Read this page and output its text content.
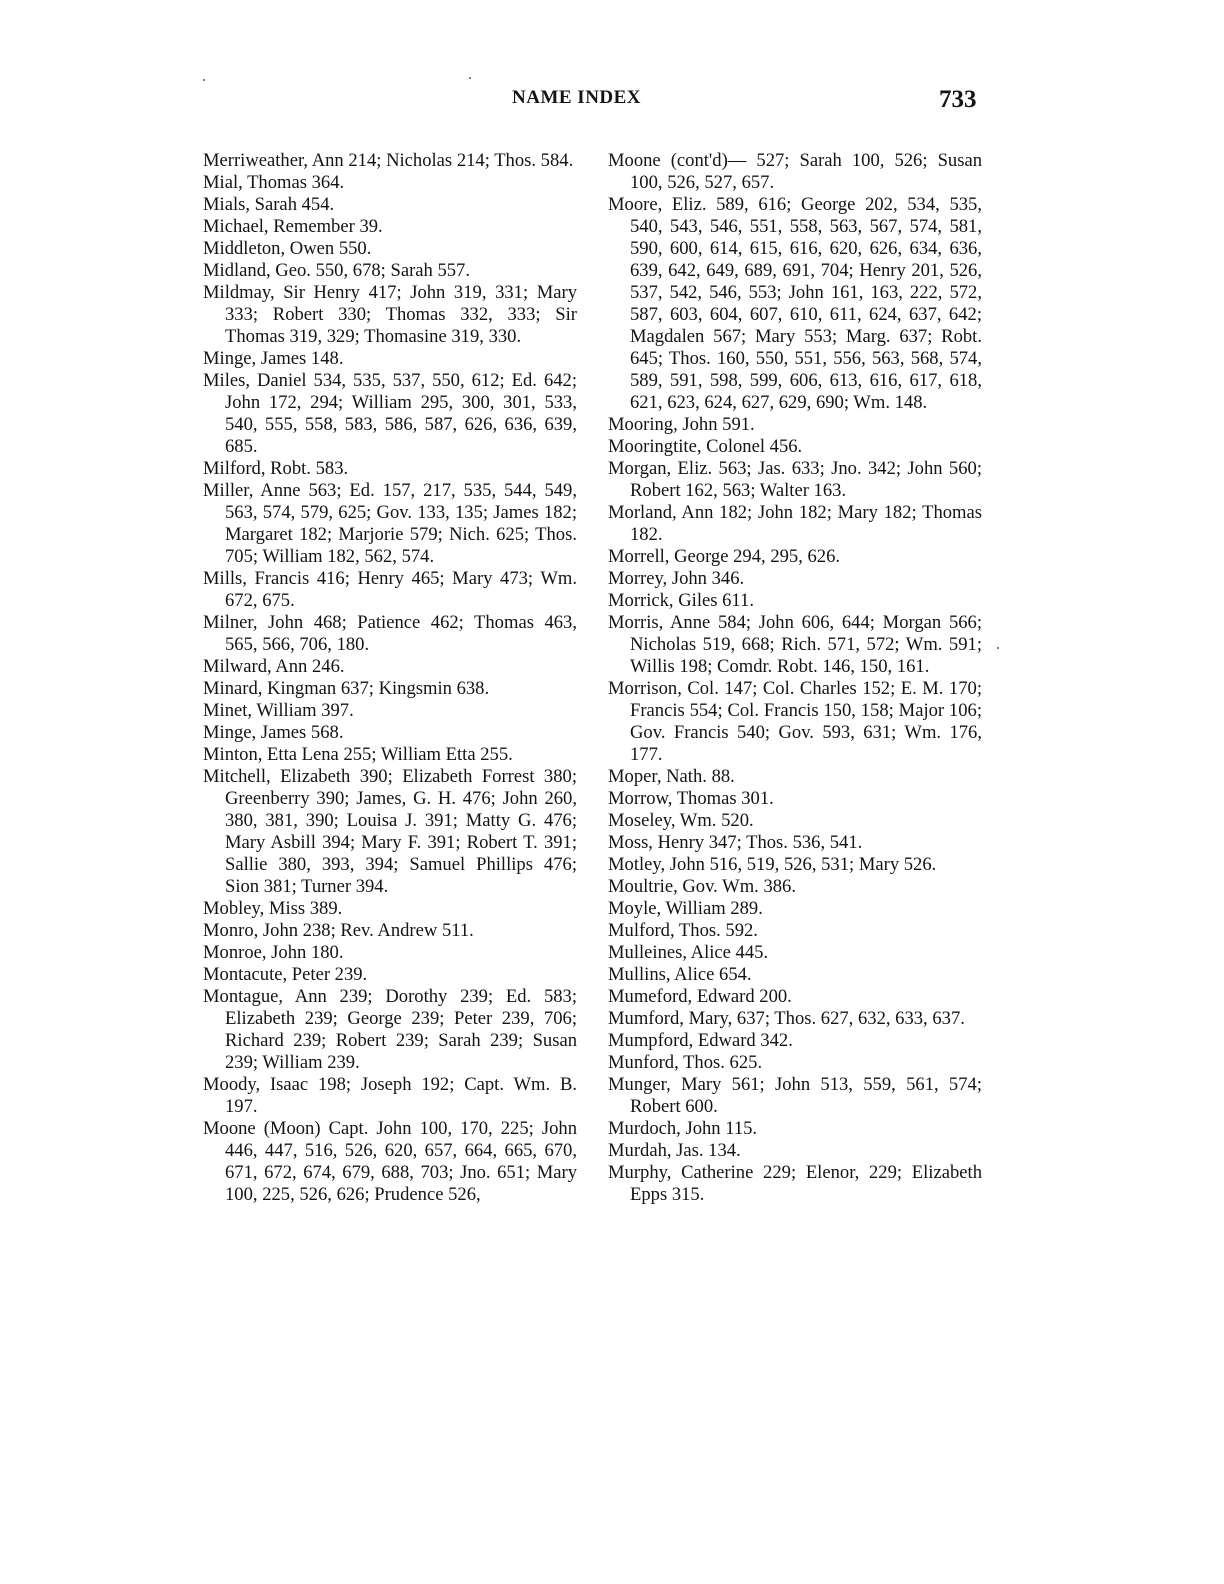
NAME INDEX	733

Merriweather, Ann 214; Nicholas 214; Thos. 584.

Mial, Thomas 364.

Mials, Sarah 454.

Michael, Remember 39.

Middleton, Owen 550.

Midland, Geo. 550, 678; Sarah 557.

Mildmay, Sir Henry 417; John 319, 331; Mary 333; Robert 330; Thomas 332, 333; Sir Thomas 319, 329; Thomasine 319, 330.

Minge, James 148.

Miles, Daniel 534, 535, 537, 550, 612; Ed. 642; John 172, 294; William 295, 300, 301, 533, 540, 555, 558, 583, 586, 587, 626, 636, 639, 685.

Milford, Robt. 583.

Miller, Anne 563; Ed. 157, 217, 535, 544, 549, 563, 574, 579, 625; Gov. 133, 135; James 182; Margaret 182; Marjorie 579; Nich. 625; Thos. 705; William 182, 562, 574.

Mills, Francis 416; Henry 465; Mary 473; Wm. 672, 675.

Milner, John 468; Patience 462; Thomas 463, 565, 566, 706, 180.

Milward, Ann 246.

Minard, Kingman 637; Kingsmin 638.

Minet, William 397.

Minge, James 568.

Minton, Etta Lena 255; William Etta 255.

Mitchell, Elizabeth 390; Elizabeth Forrest 380; Greenberry 390; James, G. H. 476; John 260, 380, 381, 390; Louisa J. 391; Matty G. 476; Mary Asbill 394; Mary F. 391; Robert T. 391; Sallie 380, 393, 394; Samuel Phillips 476; Sion 381; Turner 394.

Mobley, Miss 389.

Monro, John 238; Rev. Andrew 511.

Monroe, John 180.

Montacute, Peter 239.

Montague, Ann 239; Dorothy 239; Ed. 583; Elizabeth 239; George 239; Peter 239, 706; Richard 239; Robert 239; Sarah 239; Susan 239; William 239.

Moody, Isaac 198; Joseph 192; Capt. Wm. B. 197.

Moone (Moon) Capt. John 100, 170, 225; John 446, 447, 516, 526, 620, 657, 664, 665, 670, 671, 672, 674, 679, 688, 703; Jno. 651; Mary 100, 225, 526, 626; Prudence 526,

Moone (cont'd)— 527; Sarah 100, 526; Susan 100, 526, 527, 657.

Moore, Eliz. 589, 616; George 202, 534, 535, 540, 543, 546, 551, 558, 563, 567, 574, 581, 590, 600, 614, 615, 616, 620, 626, 634, 636, 639, 642, 649, 689, 691, 704; Henry 201, 526, 537, 542, 546, 553; John 161, 163, 222, 572, 587, 603, 604, 607, 610, 611, 624, 637, 642; Magdalen 567; Mary 553; Marg. 637; Robt. 645; Thos. 160, 550, 551, 556, 563, 568, 574, 589, 591, 598, 599, 606, 613, 616, 617, 618, 621, 623, 624, 627, 629, 690; Wm. 148.

Mooring, John 591.

Mooringtite, Colonel 456.

Morgan, Eliz. 563; Jas. 633; Jno. 342; John 560; Robert 162, 563; Walter 163.

Morland, Ann 182; John 182; Mary 182; Thomas 182.

Morrell, George 294, 295, 626.

Morrey, John 346.

Morrick, Giles 611.

Morris, Anne 584; John 606, 644; Morgan 566; Nicholas 519, 668; Rich. 571, 572; Wm. 591; Willis 198; Comdr. Robt. 146, 150, 161.

Morrison, Col. 147; Col. Charles 152; E. M. 170; Francis 554; Col. Francis 150, 158; Major 106; Gov. Francis 540; Gov. 593, 631; Wm. 176, 177.

Moper, Nath. 88.

Morrow, Thomas 301.

Moseley, Wm. 520.

Moss, Henry 347; Thos. 536, 541.

Motley, John 516, 519, 526, 531; Mary 526.

Moultrie, Gov. Wm. 386.

Moyle, William 289.

Mulford, Thos. 592.

Mulleines, Alice 445.

Mullins, Alice 654.

Mumeford, Edward 200.

Mumford, Mary, 637; Thos. 627, 632, 633, 637.

Mumpford, Edward 342.

Munford, Thos. 625.

Munger, Mary 561; John 513, 559, 561, 574; Robert 600.

Murdoch, John 115.

Murdah, Jas. 134.

Murphy, Catherine 229; Elenor, 229; Elizabeth Epps 315.
